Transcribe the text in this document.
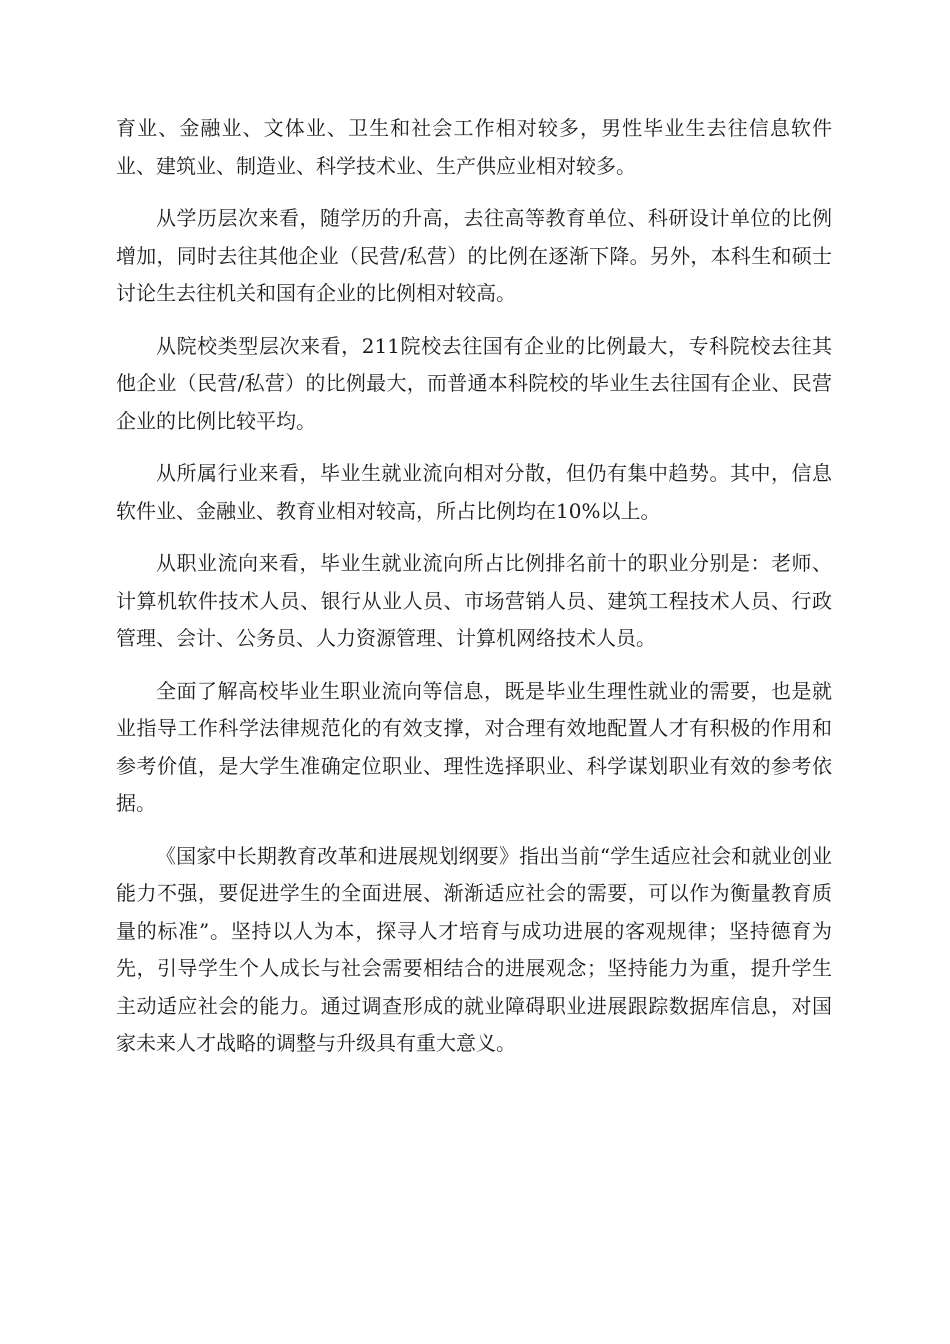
育业、金融业、文体业、卫生和社会工作相对较多，男性毕业生去往信息软件业、建筑业、制造业、科学技术业、生产供应业相对较多。

从学历层次来看，随学历的升高，去往高等教育单位、科研设计单位的比例增加，同时去往其他企业（民营/私营）的比例在逐渐下降。另外，本科生和硕士讨论生去往机关和国有企业的比例相对较高。

从院校类型层次来看，211院校去往国有企业的比例最大，专科院校去往其他企业（民营/私营）的比例最大，而普通本科院校的毕业生去往国有企业、民营企业的比例比较平均。

从所属行业来看，毕业生就业流向相对分散，但仍有集中趋势。其中，信息软件业、金融业、教育业相对较高，所占比例均在10%以上。

从职业流向来看，毕业生就业流向所占比例排名前十的职业分别是：老师、计算机软件技术人员、银行从业人员、市场营销人员、建筑工程技术人员、行政管理、会计、公务员、人力资源管理、计算机网络技术人员。

全面了解高校毕业生职业流向等信息，既是毕业生理性就业的需要，也是就业指导工作科学法律规范化的有效支撑，对合理有效地配置人才有积极的作用和参考价值，是大学生准确定位职业、理性选择职业、科学谋划职业有效的参考依据。

《国家中长期教育改革和进展规划纲要》指出当前“学生适应社会和就业创业能力不强，要促进学生的全面进展、渐渐适应社会的需要，可以作为衡量教育质量的标准”。坚持以人为本，探寻人才培育与成功进展的客观规律；坚持德育为先，引导学生个人成长与社会需要相结合的进展观念；坚持能力为重，提升学生主动适应社会的能力。通过调查形成的就业障碍职业进展跟踪数据库信息，对国家未来人才战略的调整与升级具有重大意义。
